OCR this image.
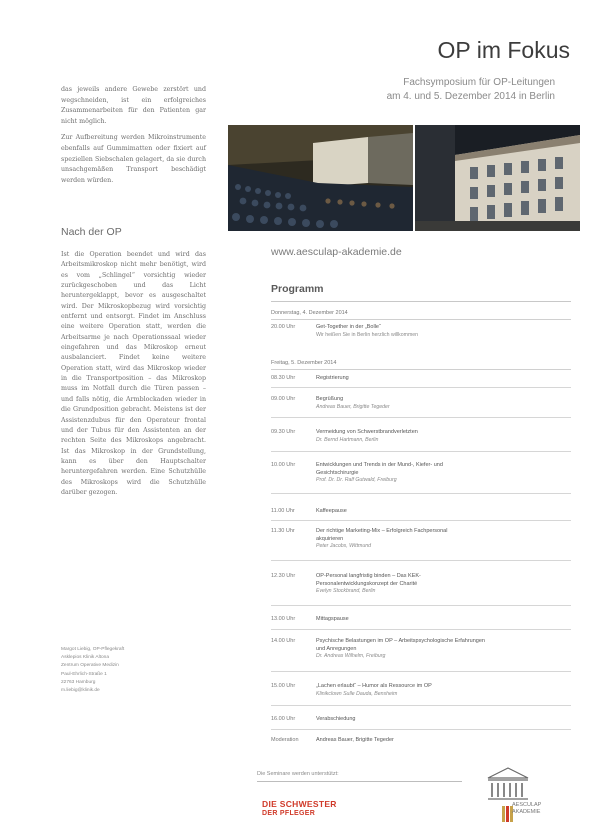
das jeweils andere Gewebe zerstört und wegschneiden, ist ein erfolgreiches Zusammenarbeiten für den Patienten gar nicht möglich.

Zur Aufbereitung werden Mikroinstrumente ebenfalls auf Gummimatten oder fixiert auf speziellen Siebschalen gelagert, da sie durch unsachgemäßen Transport beschädigt werden würden.

Nach der OP

Ist die Operation beendet und wird das Arbeitsmikroskop nicht mehr benötigt, wird es vom „Schlingel“ vorsichtig wieder zurückgeschoben und das Licht heruntergeklappt, bevor es ausgeschaltet wird. Der Mikroskopbezug wird vorsichtig entfernt und entsorgt. Findet im Anschluss eine weitere Operation statt, werden die Arbeitsarme je nach Operationssaal wieder eingefahren und das Mikroskop erneut ausbalanciert. Findet keine weitere Operation statt, wird das Mikroskop wieder in die Transportposition – das Mikroskop muss im Notfall durch die Türen passen – und falls nötig, die Armblockaden wieder in die Grundposition gebracht. Meistens ist der Assistenzdubus für den Operateur frontal und der Tubus für den Assistenten an der rechten Seite des Mikroskops angebracht. Ist das Mikroskop in der Grundstellung, kann es über den Hauptschalter heruntergefahren werden. Eine Schutzhülle des Mikroskops wird die Schutzhülle darüber gezogen.

Margot Liebig, OP-Pflegekraft
Asklepios Klinik Altona
Zentrum Operative Medizin
Paul-Ehrlich-Straße 1
22763 Hamburg
m.liebig@klinik.de
OP im Fokus
Fachsymposium für OP-Leitungen
am 4. und 5. Dezember 2014 in Berlin
www.aesculap-akademie.de
Programm
Donnerstag, 4. Dezember 2014
20.00 Uhr	Get-Together in der „Bolle“
Wir heißen Sie in Berlin herzlich willkommen
Freitag, 5. Dezember 2014
08.30 Uhr	Registrierung
09.00 Uhr	Begrüßung
Andreas Bauer, Brigitte Tegeder
09.30 Uhr	Vermeidung von Schwerstbrandverletzten
Dr. Bernd Hartmann, Berlin
10.00 Uhr	Entwicklungen und Trends in der Mund-, Kiefer- und Gesichtschirurgie
Prof. Dr. Dr. Ralf Gutwald, Freiburg
11.00 Uhr	Kaffeepause
11.30 Uhr	Der richtige Marketing-Mix – Erfolgreich Fachpersonal akquirieren
Peter Jacobs, Wittmund
12.30 Uhr	OP-Personal langfristig binden – Das KEK-Personalentwicklungskonzept der Charité
Evelyn Stockbrand, Berlin
13.00 Uhr	Mittagspause
14.00 Uhr	Psychische Belastungen im OP – Arbeitspsychologische Erfahrungen und Anregungen
Dr. Andreas Wilhelm, Freiburg
15.00 Uhr	„Lachen erlaubt“ – Humor als Ressource im OP
Klinikclown Sulle Dauda, Bensheim
16.00 Uhr	Verabschiedung
Moderation	Andreas Bauer, Brigitte Tegeder
Die Seminare werden unterstützt:
DIE SCHWESTER
DER PFLEGER
AESCULAP
AKADEMIE
